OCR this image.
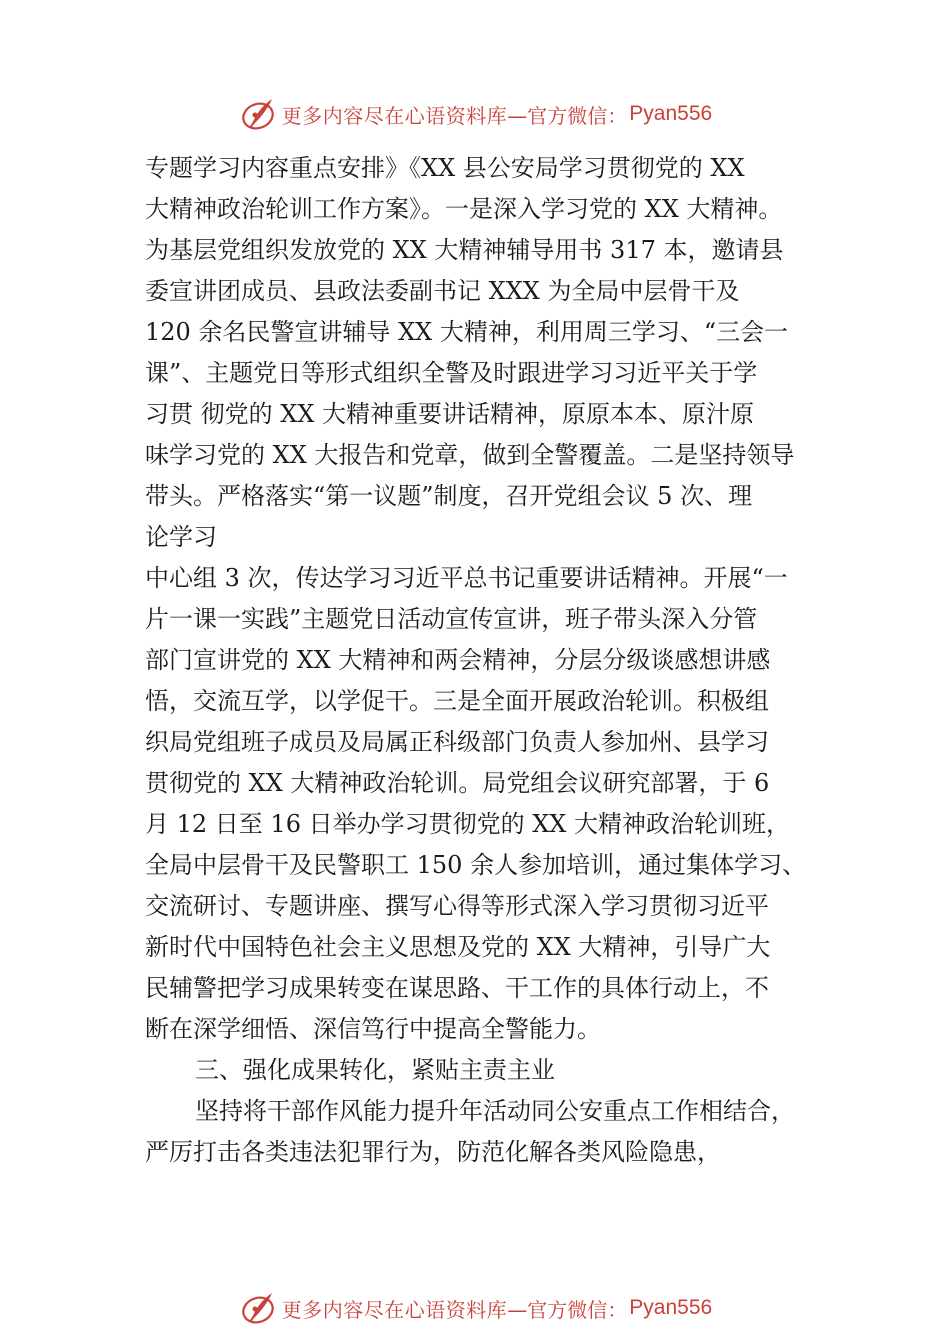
更多内容尽在心语资料库 —官方微信： Pyan556
专题学习内容重点安排》《XX 县公安局学习贯彻党的 XX
大精神政治轮训工作方案》。一是深入学习党的 XX 大精神。
为基层党组织发放党的 XX 大精神辅导用书 317 本，邀请县
委宣讲团成员、县政法委副书记 XXX 为全局中层骨干及
120 余名民警宣讲辅导 XX 大精神，利用周三学习、“三会一
课”、主题党日等形式组织全警及时跟进学习习近平关于学
习贯 彻党的 XX 大精神重要讲话精神，原原本本、原汁原
味学习党的 XX 大报告和党章，做到全警覆盖。二是坚持领导
带头。严格落实“第一议题”制度，召开党组会议 5 次、理
论学习
中心组 3 次，传达学习习近平总书记重要讲话精神。开展“一
片一课一实践”主题党日活动宣传宣讲，班子带头深入分管
部门宣讲党的 XX 大精神和两会精神，分层分级谈感想讲感
悟，交流互学，以学促干。三是全面开展政治轮训。积极组
织局党组班子成员及局属正科级部门负责人参加州、县学习
贯彻党的 XX 大精神政治轮训。局党组会议研究部署，于 6
月 12 日至 16 日举办学习贯彻党的 XX 大精神政治轮训班，
全局中层骨干及民警职工 150 余人参加培训，通过集体学习、
交流研讨、专题讲座、撰写心得等形式深入学习贯彻习近平
新时代中国特色社会主义思想及党的 XX 大精神，引导广大
民辅警把学习成果转变在谋思路、干工作的具体行动上，不
断在深学细悟、深信笃行中提高全警能力。
三、强化成果转化，紧贴主责主业
坚持将干部作风能力提升年活动同公安重点工作相结合，
严厉打击各类违法犯罪行为，防范化解各类风险隐患，
更多内容尽在心语资料库 —官方微信： Pyan556
